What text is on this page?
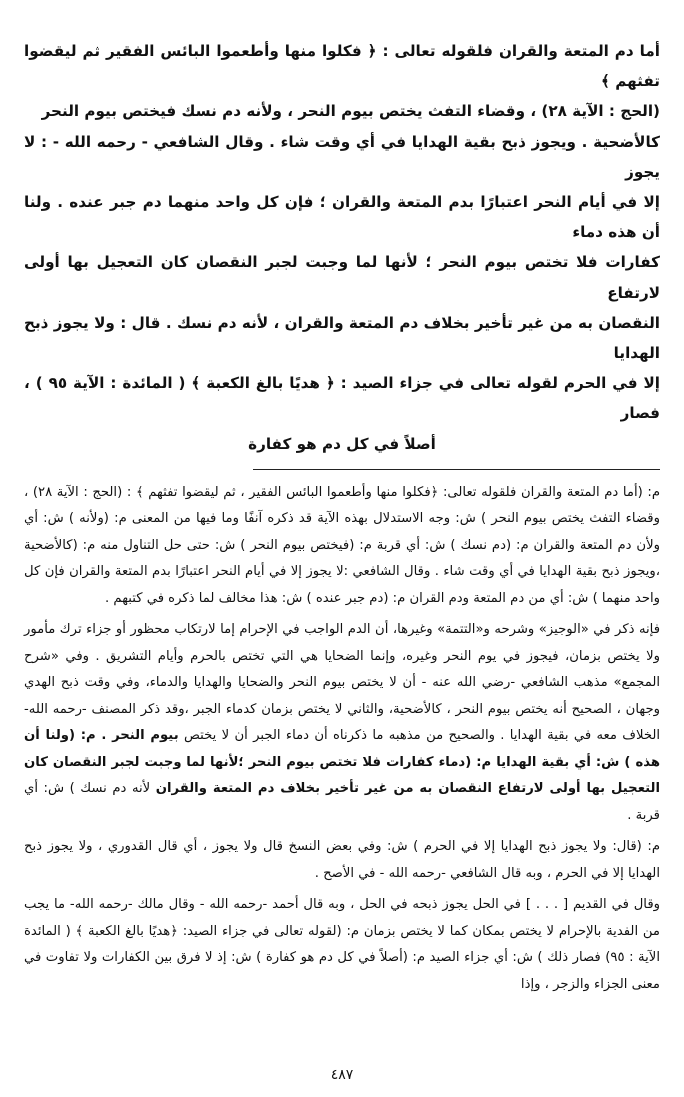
أما دم المتعة والقران فلقوله تعالى : ﴿ فكلوا منها وأطعموا البائس الفقير ثم ليقضوا تفثهم ﴾

(الحج : الآية ٢٨) ، وقضاء التفث يختص بيوم النحر ، ولأنه دم نسك فيختص بيوم النحر

كالأضحية . ويجوز ذبح بقية الهدايا في أي وقت شاء . وقال الشافعي - رحمه الله - : لا يجوز

إلا في أيام النحر اعتبارًا بدم المتعة والقران ؛ فإن كل واحد منهما دم جبر عنده . ولنا أن هذه دماء

كفارات فلا تختص بيوم النحر ؛ لأنها لما وجبت لجبر النقصان كان التعجيل بها أولى لارتفاع

النقصان به من غير تأخير بخلاف دم المتعة والقران ، لأنه دم نسك . قال : ولا يجوز ذبح الهدايا

إلا في الحرم لقوله تعالى في جزاء الصيد : ﴿ هديًا بالغ الكعبة ﴾ ( المائدة : الآية ٩٥ ) ، فصار

أصلاً في كل دم هو كفارة

م: (أما دم المتعة والقران فلقوله تعالى: ﴿فكلوا منها وأطعموا البائس الفقير ، ثم ليقضوا تفثهم ﴾ : (الحج : الآية ٢٨) ، وقضاء التفث يختص بيوم النحر ) ش: وجه الاستدلال بهذه الآية قد ذكره آنفًا وما فيها من المعنى م: (ولأنه ) ش: أي ولأن دم المتعة والقران م: (دم نسك ) ش: أي قربة م: (فيختص بيوم النحر ) ش: حتى حل التناول منه م: (كالأضحية ،ويجوز ذبح بقية الهدايا في أي وقت شاء . وقال الشافعي :لا يجوز إلا في أيام النحر اعتبارًا بدم المتعة والقران فإن كل واحد منهما ) ش: أي من دم المتعة ودم القران م: (دم جبر عنده ) ش: هذا مخالف لما ذكره في كتبهم .

فإنه ذكر في «الوجيز» وشرحه و«التتمة» وغيرها، أن الدم الواجب في الإحرام إما لارتكاب محظور أو جزاء ترك مأمور ولا يختص بزمان، فيجوز في يوم النحر وغيره، وإنما الضحايا هي التي تختص بالحرم وأيام التشريق . وفي «شرح المجمع» مذهب الشافعي -رضي الله عنه - أن لا يختص بيوم النحر والضحايا والهدايا والدماء، وفي وقت ذبح الهدي وجهان ، الصحيح أنه يختص بيوم النحر ، كالأضحية، والثاني لا يختص بزمان كدماء الجبر ،وقد ذكر المصنف -رحمه الله- الخلاف معه في بقية الهدايا . والصحيح من مذهبه ما ذكرناه أن دماء الجبر أن لا يختص بيوم النحر . م: (ولنا أن هذه ) ش: أي بقية الهدايا م: (دماء كفارات فلا تختص بيوم النحر ؛لأنها لما وجبت لجبر النقصان كان التعجيل بها أولى لارتفاع النقصان به من غير تأخير بخلاف دم المتعة والقران لأنه دم نسك ) ش: أي قربة .

م: (قال: ولا يجوز ذبح الهدايا إلا في الحرم ) ش: وفي بعض النسخ قال ولا يجوز ، أي قال القدوري ، ولا يجوز ذبح الهدايا إلا في الحرم ، وبه قال الشافعي -رحمه الله - في الأصح .

وقال في القديم [ . . . ] في الحل يجوز ذبحه في الحل ، وبه قال أحمد -رحمه الله - وقال مالك -رحمه الله- ما يجب من الفدية بالإحرام لا يختص بمكان كما لا يختص بزمان م: (لقوله تعالى في جزاء الصيد: ﴿هديًا بالغ الكعبة ﴾ ( المائدة الآية : ٩٥) فصار ذلك ) ش: أي جزاء الصيد م: (أصلاً في كل دم هو كفارة ) ش: إذ لا فرق بين الكفارات ولا تفاوت في معنى الجزاء والزجر ، وإذا

٤٨٧
